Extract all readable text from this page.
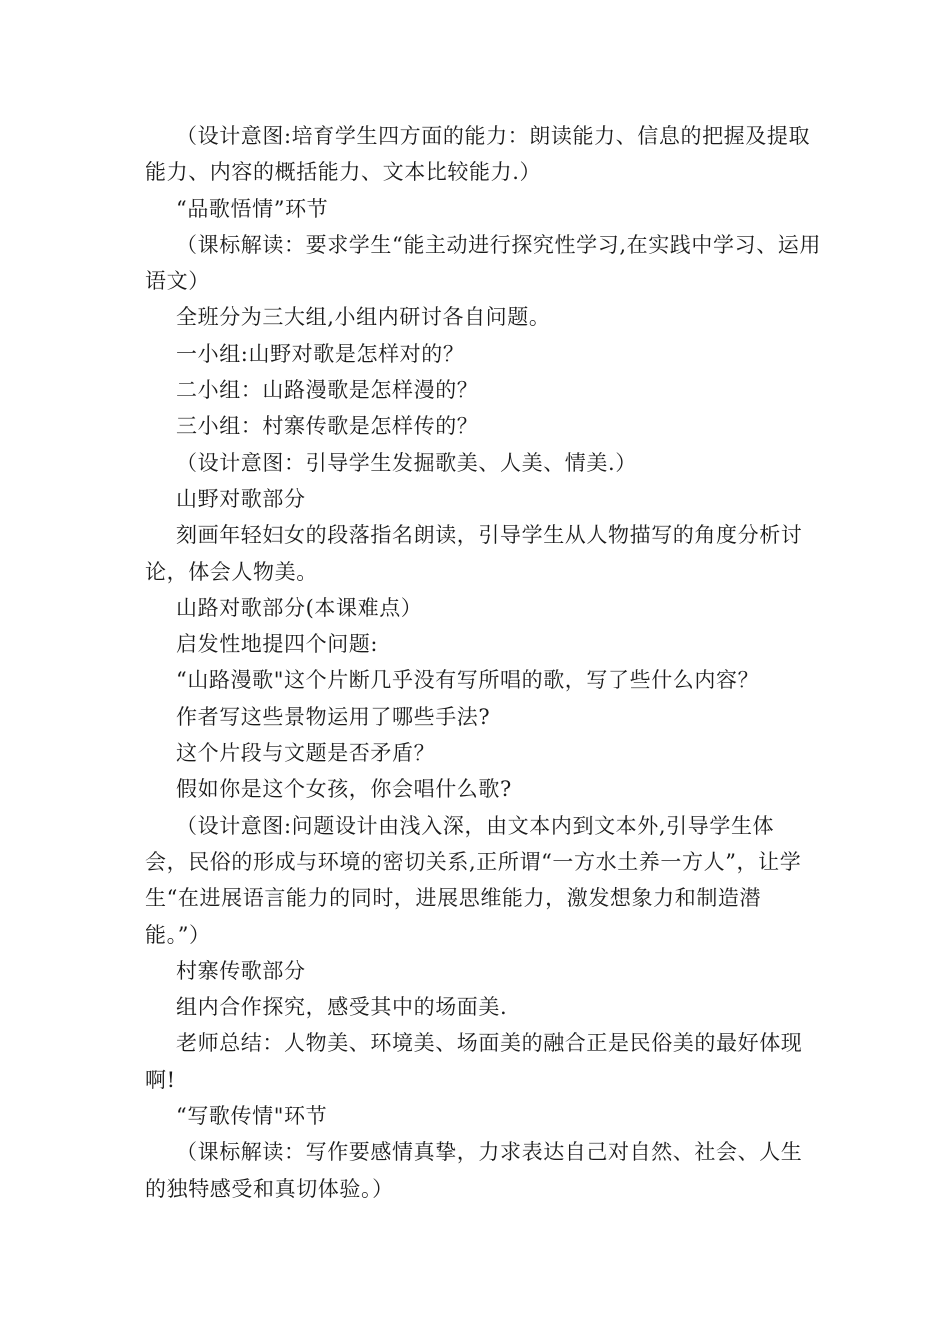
（设计意图:培育学生四方面的能力：朗读能力、信息的把握及提取能力、内容的概括能力、文本比较能力.）

“品歌悟情”环节

（课标解读：要求学生“能主动进行探究性学习,在实践中学习、运用语文）

全班分为三大组,小组内研讨各自问题。

一小组:山野对歌是怎样对的？

二小组：山路漫歌是怎样漫的？

三小组：村寨传歌是怎样传的？

（设计意图：引导学生发掘歌美、人美、情美.）

山野对歌部分

刻画年轻妇女的段落指名朗读，引导学生从人物描写的角度分析讨论，体会人物美。

山路对歌部分(本课难点）

启发性地提四个问题:

“山路漫歌"这个片断几乎没有写所唱的歌，写了些什么内容？

作者写这些景物运用了哪些手法?

这个片段与文题是否矛盾？

假如你是这个女孩，你会唱什么歌?

（设计意图:问题设计由浅入深，由文本内到文本外,引导学生体会，民俗的形成与环境的密切关系,正所谓“一方水土养一方人”，让学生“在进展语言能力的同时，进展思维能力，激发想象力和制造潜能。”）

村寨传歌部分

组内合作探究，感受其中的场面美.

老师总结：人物美、环境美、场面美的融合正是民俗美的最好体现啊!

“写歌传情"环节

（课标解读：写作要感情真挚，力求表达自己对自然、社会、人生的独特感受和真切体验。）
